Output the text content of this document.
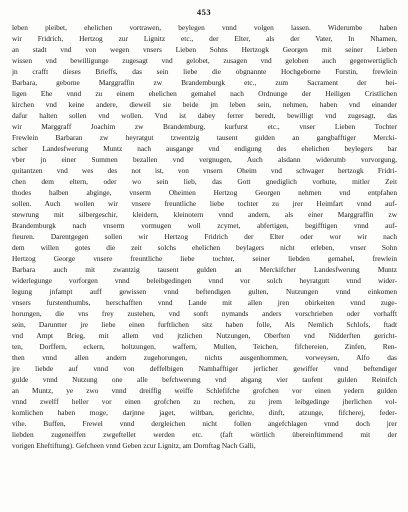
453
leben pleibet, ehelichen vortrawen, beylegen vnnd volgen lassen. Widerumbe haben
wir Fridrich, Hertzog zur Lignitz etc., der Elter, als der Vater, In Nhamen,
an stadt vnd von wegen vnsers Lieben Sohns Hertzogk Georgen mit seiner Lieben
wissen vnd bewilligunge zugesagt vnd gelobet, zusagen vnd geloben auch gegenwertiglich
jn crafft dieses Brieffs, das sein liebe die obgnannte Hochgeborne Furstin, frewlein
Barbara, geborne Marggraffin zw Brandemburgk etc., zum Sacrament der hei-
ligen Ehe vnnd zu einem ehelichen gemahel nach Ordnunge der Heiligen Cristlichen
kirchen vnd keine andere, dieweil sie beide jm leben sein, nehmen, haben vnd einander
dafur halten sollen vnd wollen. Vnd ist dabey ferrer beredt, bewilligt vnd zugesagt, das
wir Marggraff Joachim zw Brandemburg, kurfurst etc., vnser Lieben Tochter
Frewlein Barbaran zw heyratgut tzwentzig tausent gulden an gangbafftiger Mercki-
scher Landesfwerung Muntz nach ausgange vnd endigung des ehelichen beylegers bar
vber jn einer Summen bezallen vnd vergnugen, Auch alsdann widerumb vorvorgung,
quitantzen vnd wes des not ist, von vnsern Oheim vnd schwager hertzogk Fridri-
chen dem eltern, oder wo sein lieb, das Gott gnediglich vorhute, mitler Zeit
thodes halben abginge, vnserm Oheimen Hertzog Georgen nehmen vnd entpfahen
sollen. Auch wollen wir vnsere freuntliche liebe tochter zu jrer Heimfart vnnd auf-
stewrung mit silbergeschir, kleidern, kleinotern vnnd andern, als einer Marggraffin zw
Brandemburgk nach vnserm vormugen woll zcymet, abfertigen, begifftigen vnnd auf-
fteuren. Darentgegen sollen wir Hertzog Fridrich der Elter oder wor wir nach
dem willen gotes die zeit solchs ehelichen beylagers nicht erleben, vnser Sohn
Hertzog George vnsere freuntliche liebe tochter, seiner liebden gemahel, frewlein
Barbara auch mit zwantzig tausent gulden an Merckifcher Landesfwerung Muntz
widerlegunge vorforgen vnnd beleibgedingen vnnd vor solch heyratgutt vnnd wider-
legung jnfampt auff gewissen vnnd beftendigen gulten, Nutzungen vnnd einkomen
vnsers furstenthumbs, herschafften vnnd Lande mit allen jren obirkeiten vnnd zuge-
horungen, die vns frey zustehen, vnd sonft nymands anders vorschrieben oder vorhafft
sein, Daruntter jre liebe einen furftlichen sitz haben folle, Als Nemlich Schlofs, ftadt
vnd Ampt Brieg, mit allem vnd jtzlichen Nutzungen, Oberften vnd Nidderften gericht-
ten, Dorffern, eckern, holtzungen, waffern, Mullen, Teichen, fifchereien, Zinfen, Ren-
then vnnd allen andern zugehorungen, nichts ausgenhommen, vorweysen, Alfo das
jre liebde auf vnnd von deffelbigen Namhafftiger jerlicher gewiffer vnnd beftendiger
gulde vnnd Nutzung one alle befchwerung vnd abgang vier taufent gulden Reinifch
an Muntz, ye zwo vnnd dreiffig weiffe Schlefifche grofchen vor einen yedern gulden
vnnd zwelff heller vor einen grofchen zu rechen, zu jrem leibgedinge jherlichen vol-
komlichen haben moge, darjnne jaget, wiltban, gerichte, dinft, atzunge, fifcherej, feder-
vihe. Buffen, Frewel vnnd dergleichen nicht follen angefchlagen vnnd doch jrer
liebden zugeneiffen zwgeftellet werden etc. (faft wörtlich übereinftimmend mit der
vorigen Eheftiftung). Gefcheen vnnd Geben zcur Lignitz, am Dornftag Nach Galli,
